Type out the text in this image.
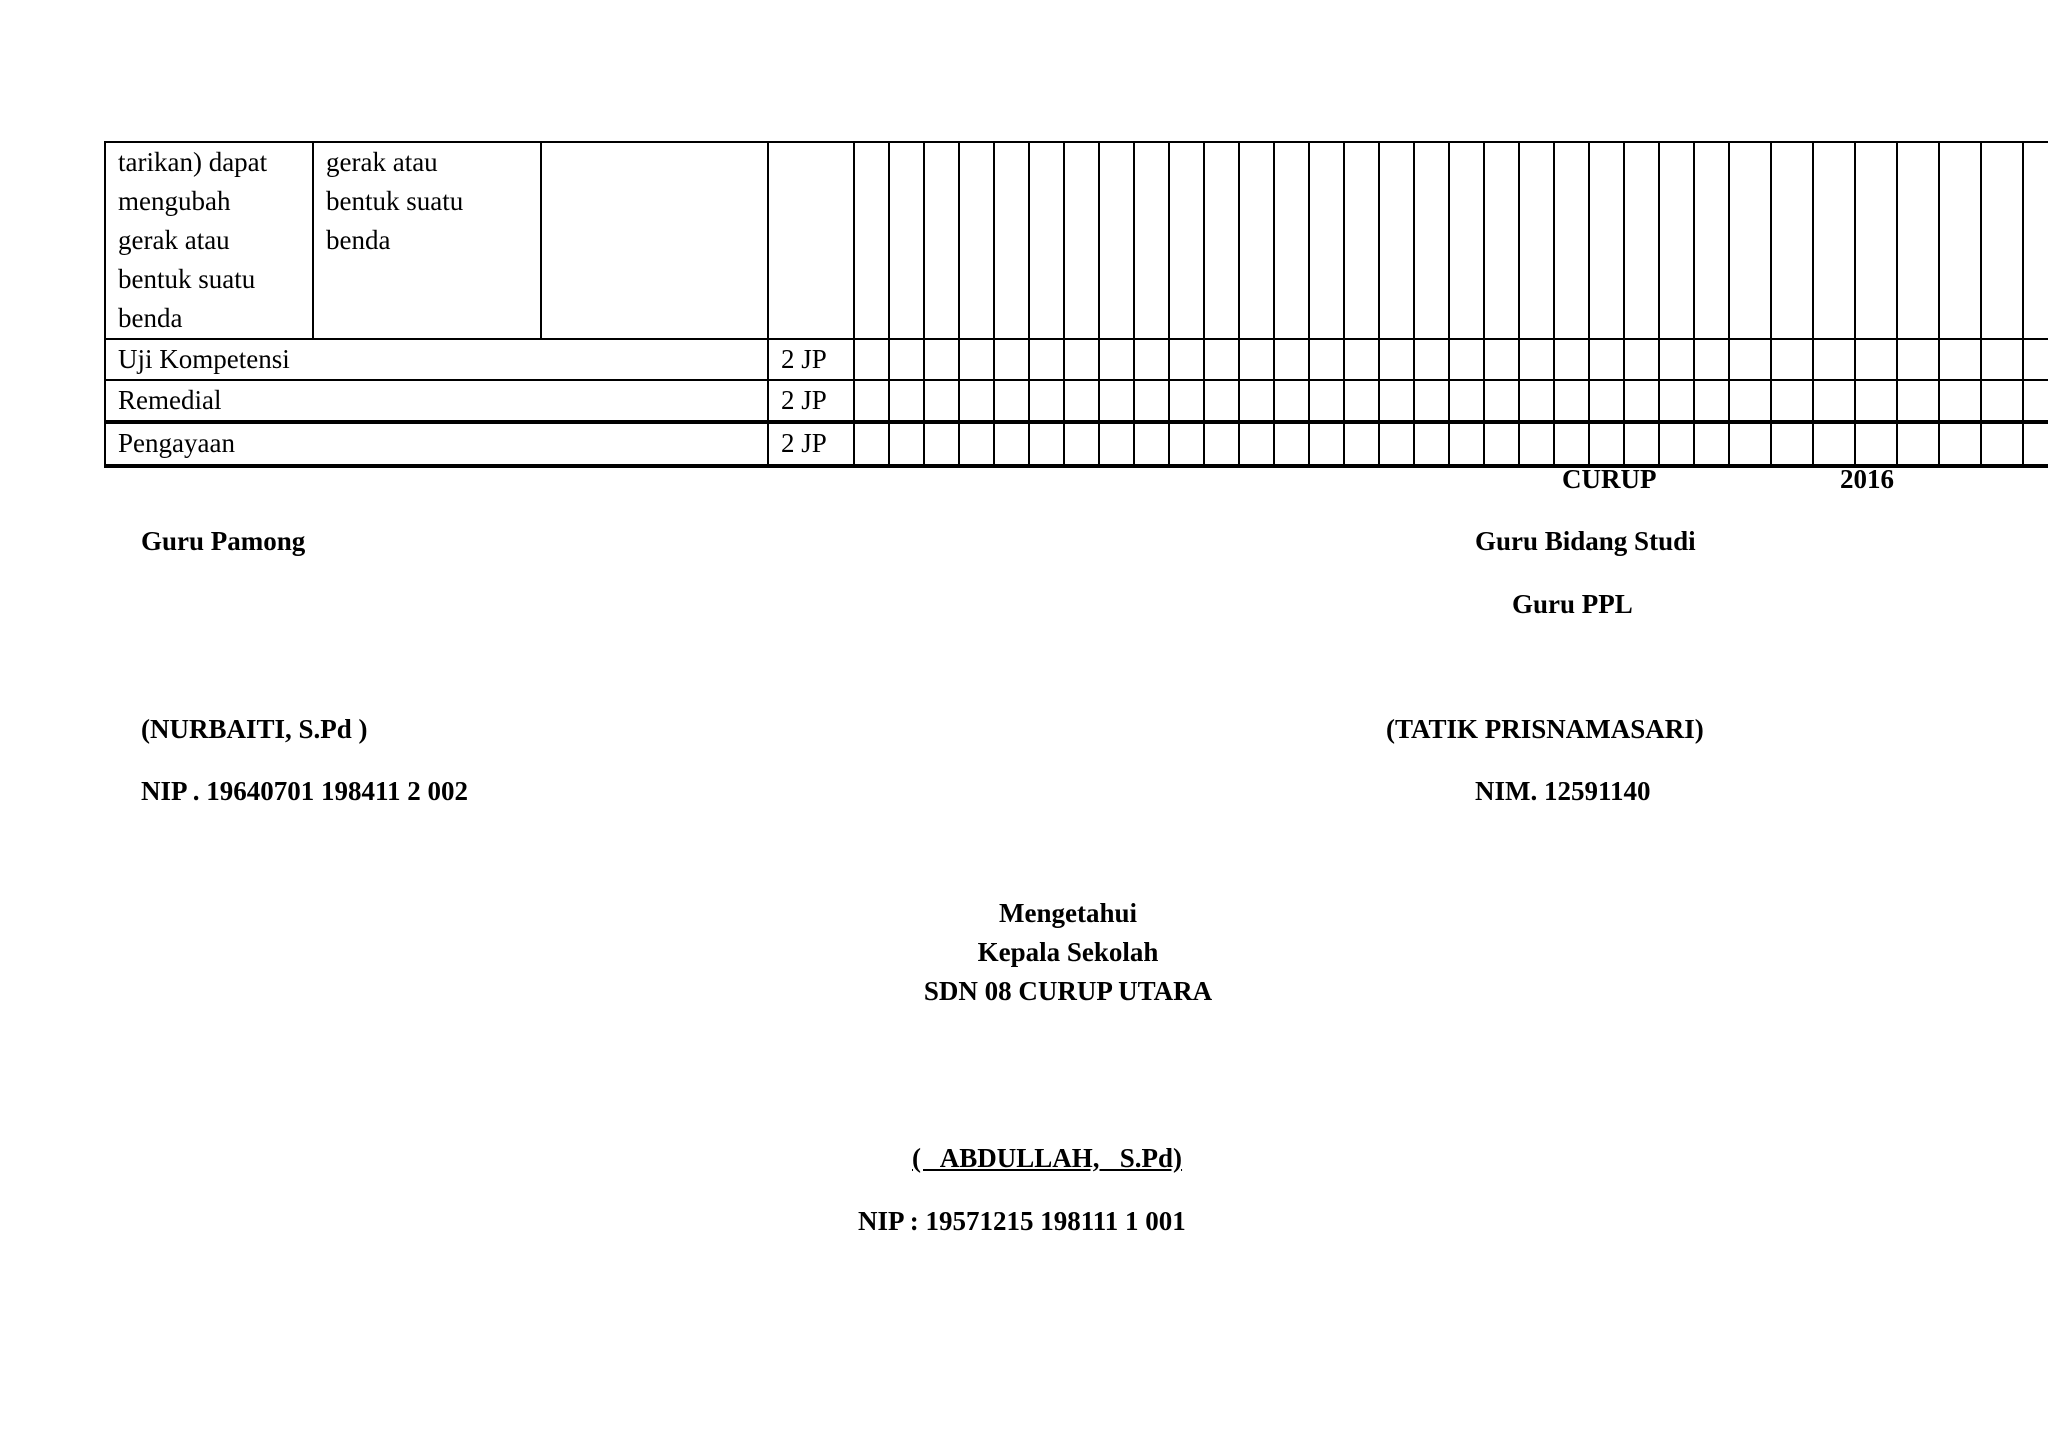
tarikan) dapat
mengubah
gerak atau
bentuk suatu
benda	gerak atau
bentuk suatu
benda																																			

Uji Kompetensi			2 JP																																	
Remedial			2 JP																																	
Pengayaan			2 JP																																	
CURUP	2016
Guru Pamong	Guru Bidang Studi
Guru PPL
(NURBAITI, S.Pd )	(TATIK PRISNAMASARI)
NIP . 19640701 198411 2 002	NIM. 12591140
Mengetahui
Kepala Sekolah
SDN 08 CURUP UTARA
(   ABDULLAH,   S.Pd)
NIP : 19571215 198111 1 001
